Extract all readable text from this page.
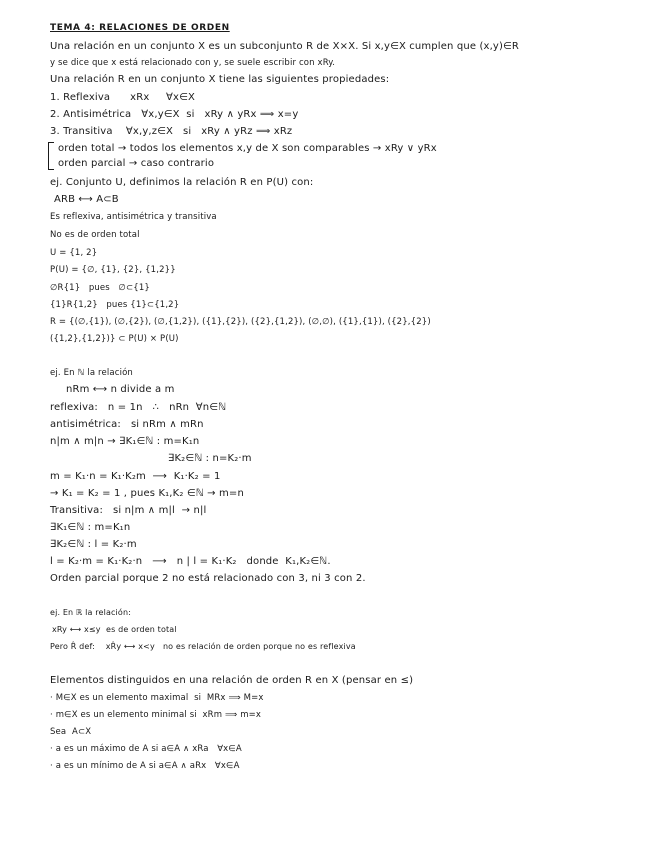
TEMA 4: RELACIONES DE ORDEN
Una relación en un conjunto X es un subconjunto R de X×X. Si x,y∈X cumplen que (x,y)∈R
y se dice que x está relacionado con y, se suele escribir con xRy.
Una relación R en un conjunto X tiene las siguientes propiedades:
1. Reflexiva      xRx     ∀x∈X
2. Antisimétrica   ∀x,y∈X  si   xRy ∧ yRx ⟹ x=y
3. Transitiva    ∀x,y,z∈X   si   xRy ∧ yRz ⟹ xRz
orden total → todos los elementos x,y de X son comparables → xRy ∨ yRx
orden parcial → caso contrario
ej. Conjunto U, definimos la relación R en P(U) con:
ARB ⟷ A⊂B
Es reflexiva, antisimétrica y transitiva
No es de orden total
U = {1, 2}
P(U) = {∅, {1}, {2}, {1,2}}
∅R{1}   pues   ∅⊂{1}
{1}R{1,2}   pues {1}⊂{1,2}
R = {(∅,{1}), (∅,{2}), (∅,{1,2}), ({1},{2}), ({2},{1,2}), (∅,∅), ({1},{1}), ({2},{2})
({1,2},{1,2})} ⊂ P(U) × P(U)
ej. En ℕ la relación
nRm ⟷ n divide a m
reflexiva:   n = 1n   ∴   nRn  ∀n∈ℕ
antisimétrica:   si nRm ∧ mRn
n|m ∧ m|n → ∃K₁∈ℕ : m=K₁n
∃K₂∈ℕ : n=K₂·m
m = K₁·n = K₁·K₂m  ⟶  K₁·K₂ = 1
→ K₁ = K₂ = 1 , pues K₁,K₂ ∈ℕ → m=n
Transitiva:   si n|m ∧ m|l  → n|l
∃K₁∈ℕ : m=K₁n
∃K₂∈ℕ : l = K₂·m
l = K₂·m = K₁·K₂·n   ⟶   n | l = K₁·K₂   donde  K₁,K₂∈ℕ.
Orden parcial porque 2 no está relacionado con 3, ni 3 con 2.
ej. En ℝ la relación:
xRy ⟷ x≤y  es de orden total
Pero R̂ def:    xR̂y ⟷ x<y   no es relación de orden porque no es reflexiva
Elementos distinguidos en una relación de orden R en X (pensar en ≤)
· M∈X es un elemento maximal  si  MRx ⟹ M=x
· m∈X es un elemento minimal si  xRm ⟹ m=x
Sea  A⊂X
· a es un máximo de A si a∈A ∧ xRa   ∀x∈A
· a es un mínimo de A si a∈A ∧ aRx   ∀x∈A
